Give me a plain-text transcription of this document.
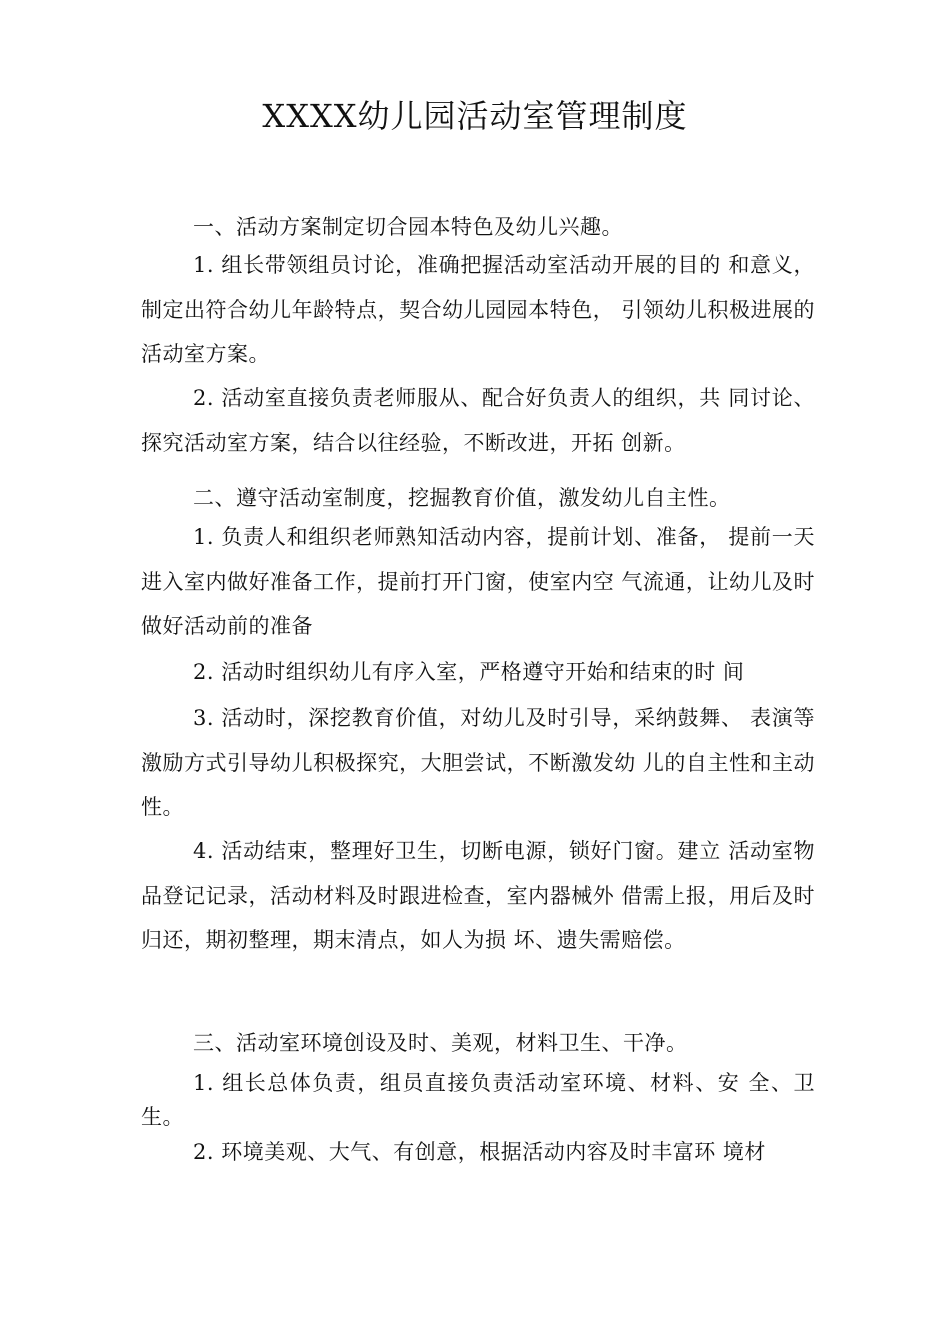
XXXX幼儿园活动室管理制度

一、活动方案制定切合园本特色及幼儿兴趣。

1. 组长带领组员讨论，准确把握活动室活动开展的目的 和意义，制定出符合幼儿年龄特点，契合幼儿园园本特色， 引领幼儿积极进展的活动室方案。

2. 活动室直接负责老师服从、配合好负责人的组织，共 同讨论、探究活动室方案，结合以往经验，不断改进，开拓 创新。

二、遵守活动室制度，挖掘教育价值，激发幼儿自主性。

1. 负责人和组织老师熟知活动内容，提前计划、准备， 提前一天进入室内做好准备工作，提前打开门窗，使室内空 气流通，让幼儿及时做好活动前的准备

2. 活动时组织幼儿有序入室，严格遵守开始和结束的时 间

3. 活动时，深挖教育价值，对幼儿及时引导，采纳鼓舞、 表演等激励方式引导幼儿积极探究，大胆尝试，不断激发幼 儿的自主性和主动性。

4. 活动结束，整理好卫生，切断电源，锁好门窗。建立 活动室物品登记记录，活动材料及时跟进检查，室内器械外 借需上报，用后及时归还，期初整理，期末清点，如人为损 坏、遗失需赔偿。

三、活动室环境创设及时、美观，材料卫生、干净。

1. 组长总体负责，组员直接负责活动室环境、材料、安 全、卫生。

2. 环境美观、大气、有创意，根据活动内容及时丰富环 境材
